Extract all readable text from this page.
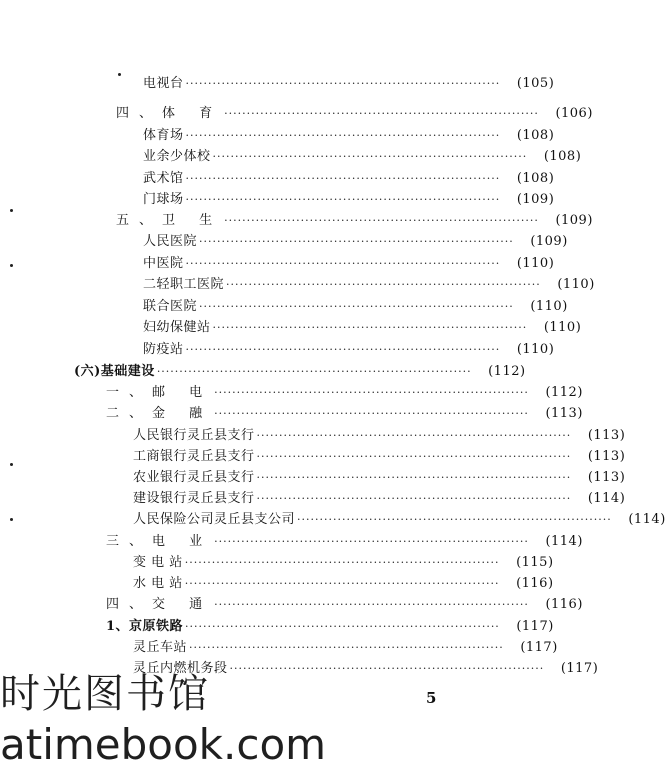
电视台 ······································································	(105)
四、体 育 ······································································	(106)
体育场 ······································································	(108)
业余少体校 ······································································	(108)
武术馆 ······································································	(108)
门球场 ······································································	(109)
五、卫 生 ······································································	(109)
人民医院 ······································································	(109)
中医院 ······································································	(110)
二轻职工医院 ······································································	(110)
联合医院 ······································································	(110)
妇幼保健站 ······································································	(110)
防疫站 ······································································	(110)
(六)基础建设 ······································································	(112)
一、邮 电 ······································································	(112)
二、金 融 ······································································	(113)
人民银行灵丘县支行 ······································································	(113)
工商银行灵丘县支行 ······································································	(113)
农业银行灵丘县支行 ······································································	(113)
建设银行灵丘县支行 ······································································	(114)
人民保险公司灵丘县支公司 ······································································	(114)
三、电 业 ······································································	(114)
变 电 站 ······································································	(115)
水 电 站 ······································································	(116)
四、交 通 ······································································	(116)
1、京原铁路 ······································································	(117)
灵丘车站 ······································································	(117)
灵丘内燃机务段 ······································································	(117)
5
时光图书馆
atimebook.com
